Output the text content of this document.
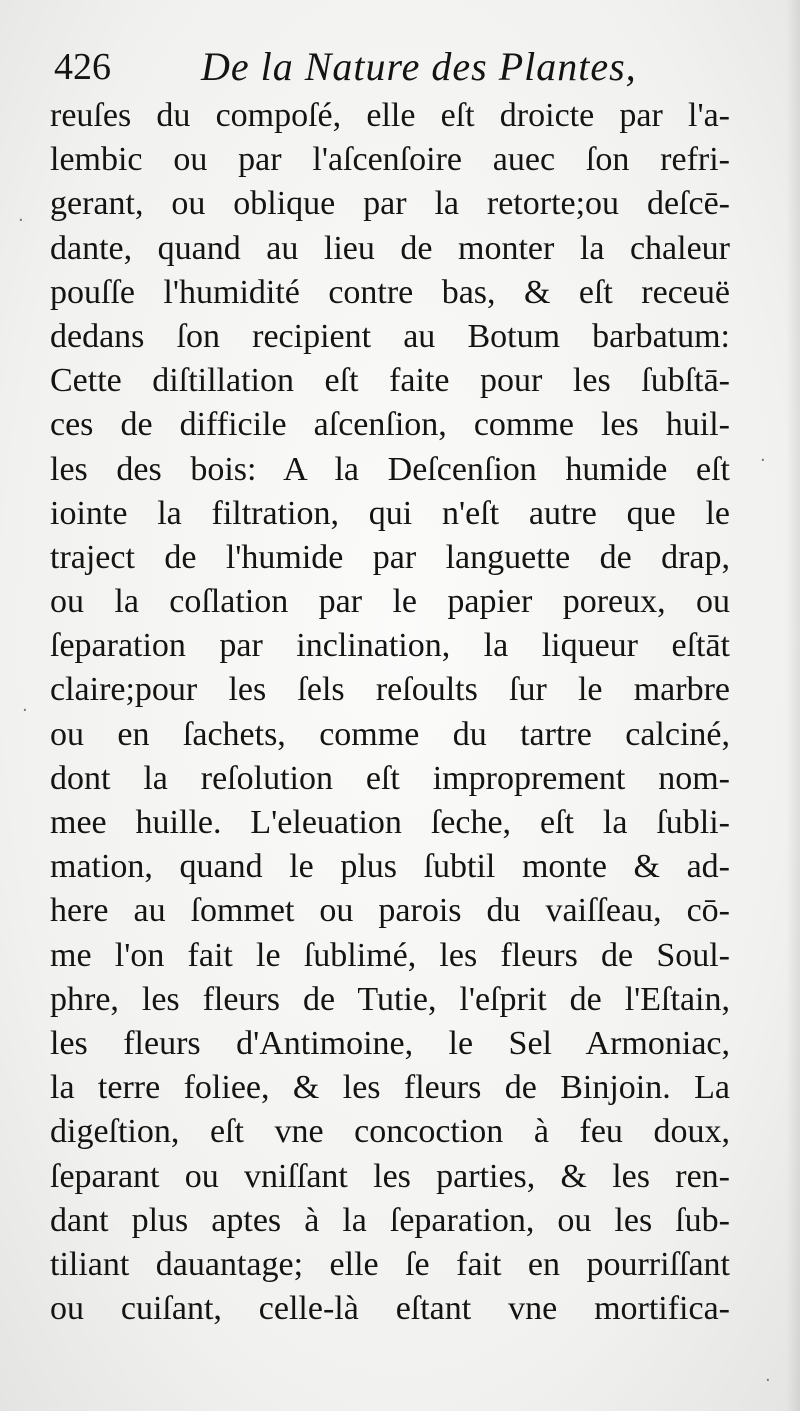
426 De la Nature des Plantes,
reuſes du compoſé, elle eſt droicte par l'a-
lembic ou par l'aſcenſoire auec ſon refri-
gerant, ou oblique par la retorte;ou deſcē-
dante, quand au lieu de monter la chaleur
pouſſe l'humidité contre bas, & eſt receuë
dedans ſon recipient au Botum barbatum:
Cette diſtillation eſt faite pour les ſubſtā-
ces de difficile aſcenſion, comme les huil-
les des bois: A la Deſcenſion humide eſt
iointe la filtration, qui n'eſt autre que le
traject de l'humide par languette de drap,
ou la coſlation par le papier poreux, ou
ſeparation par inclination, la liqueur eſtāt
claire;pour les ſels reſoults ſur le marbre
ou en ſachets, comme du tartre calciné,
dont la reſolution eſt improprement nom-
mee huille. L'eleuation ſeche, eſt la ſubli-
mation, quand le plus ſubtil monte & ad-
here au ſommet ou parois du vaiſſeau, cō-
me l'on fait le ſublimé, les fleurs de Soul-
phre, les fleurs de Tutie, l'eſprit de l'Eſtain,
les fleurs d'Antimoine, le Sel Armoniac,
la terre foliee, & les fleurs de Binjoin. La
digeſtion, eſt vne concoction à feu doux,
ſeparant ou vniſſant les parties, & les ren-
dant plus aptes à la ſeparation, ou les ſub-
tiliant dauantage; elle ſe fait en pourriſſant
ou cuiſant, celle-là eſtant vne mortifica-
·
·
·
·
